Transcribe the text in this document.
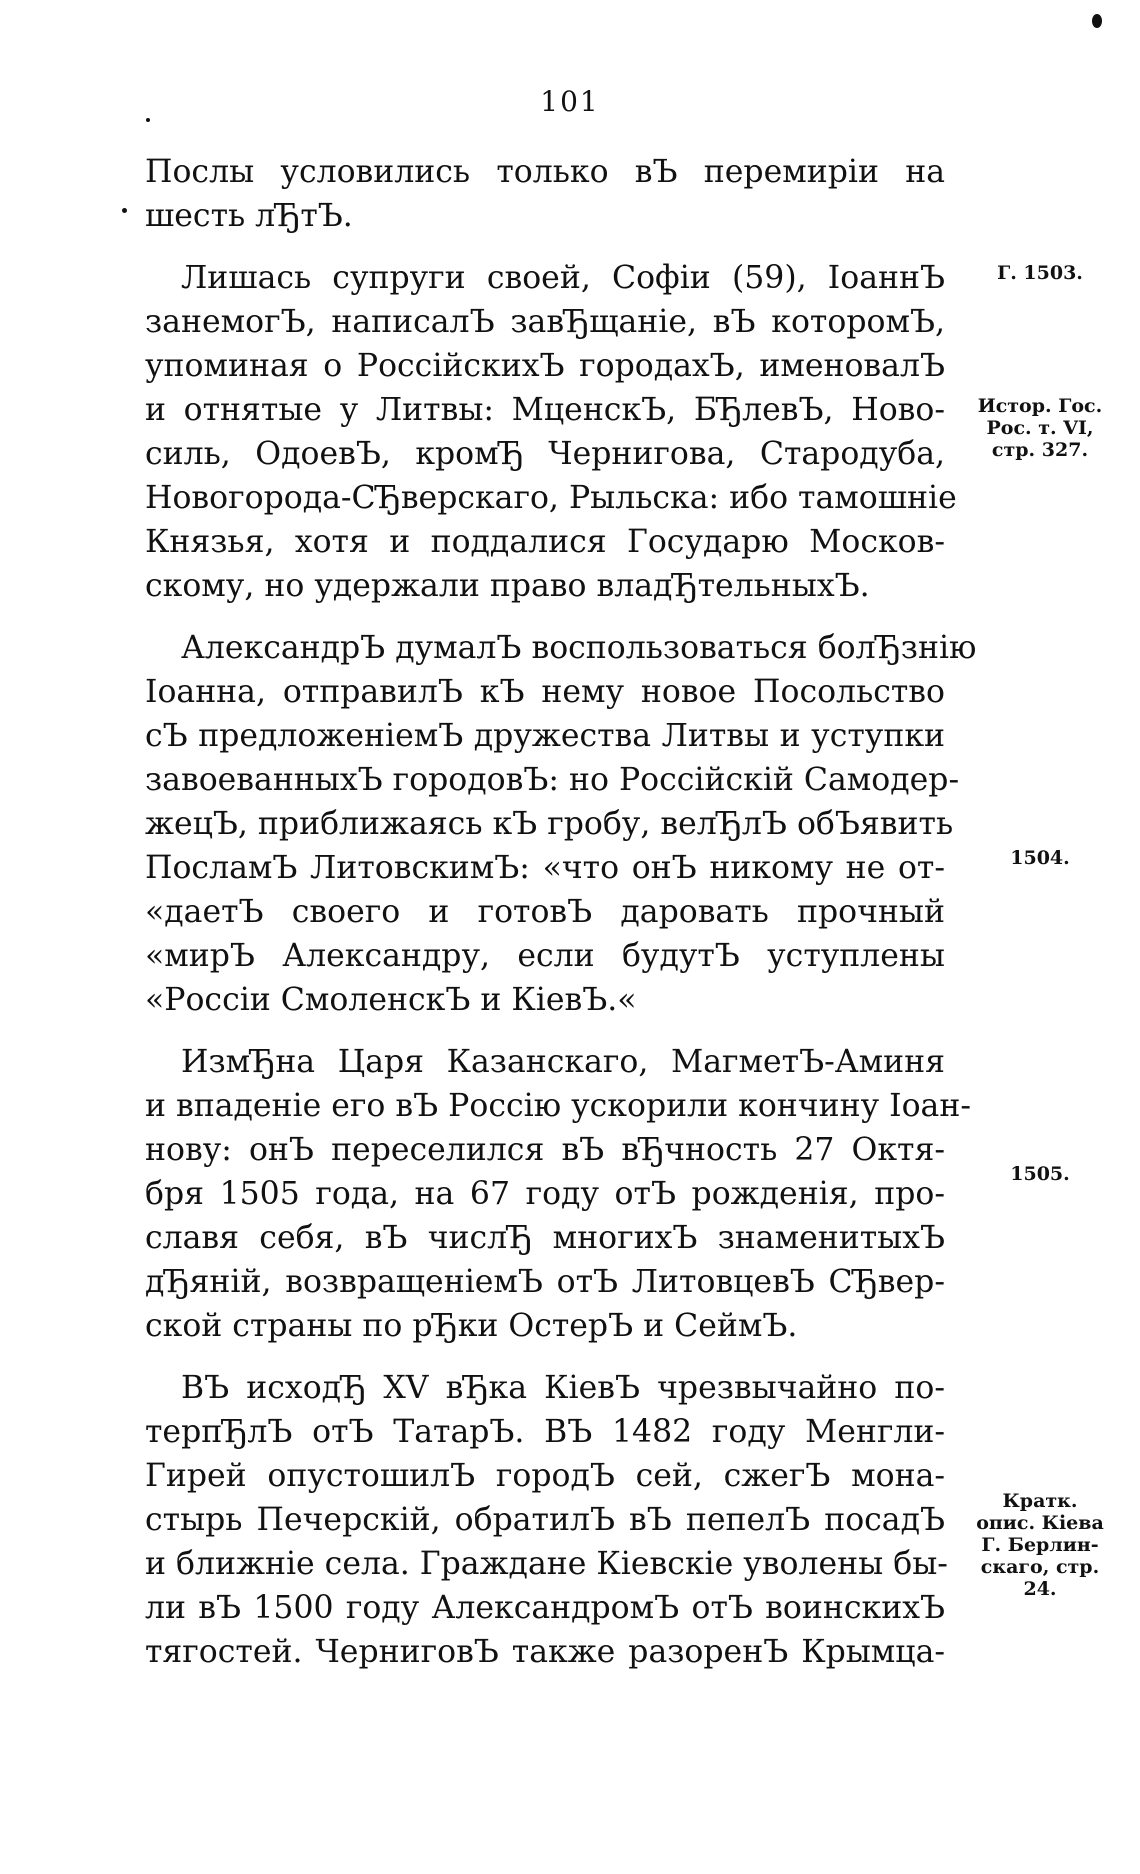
101

Послы условились только вЪ перемиріи на
шесть лЂтЪ.

Лишась супруги своей, Софіи (59), ІоаннЪ
занемогЪ, написалЪ завЂщаніе, вЪ которомЪ,
упоминая о РоссійскихЪ городахЪ, именовалЪ
и отнятые у Литвы: МценскЪ, БЂлевЪ, Ново-
силь, ОдоевЪ, кромЂ Чернигова, Стародуба,
Новогорода-СЂверскаго, Рыльска: ибо тамошніе
Князья, хотя и поддалися Государю Москов-
скому, но удержали право владЂтельныхЪ.

АлександрЪ думалЪ воспользоваться болЂзнію
Іоанна, отправилЪ кЪ нему новое Посольство
сЪ предложеніемЪ дружества Литвы и уступки
завоеванныхЪ городовЪ: но Россійскій Самодер-
жецЪ, приближаясь кЪ гробу, велЂлЪ обЪявить
ПосламЪ ЛитовскимЪ: «что онЪ никому не от-
«даетЪ своего и готовЪ даровать прочный
«мирЪ Александру, если будутЪ уступлены
«Россіи СмоленскЪ и КіевЪ.«

ИзмЂна Царя Казанскаго, МагметЪ-Аминя
и впаденіе его вЪ Россію ускорили кончину Іоан-
нову: онЪ переселился вЪ вЂчность 27 Октя-
бря 1505 года, на 67 году отЪ рожденія, про-
славя себя, вЪ числЂ многихЪ знаменитыхЪ
дЂяній, возвращеніемЪ отЪ ЛитовцевЪ СЂвер-
ской страны по рЂки ОстерЪ и СеймЪ.

ВЪ исходЂ XV вЂка КіевЪ чрезвычайно по-
терпЂлЪ отЪ ТатарЪ. ВЪ 1482 году Менгли-
Гирей опустошилЪ городЪ сей, сжегЪ мона-
стырь Печерскій, обратилЪ вЪ пепелЪ посадЪ
и ближніе села. Граждане Кіевскіе уволены бы-
ли вЪ 1500 году АлександромЪ отЪ воинскихЪ
тягостей. ЧерниговЪ также разоренЪ Крымца-

Г. 1503.
Истор. Гос.
Рос. т. VI,
стр. 327.
1504.
1505.
Кратк.
опис. Кіева
Г. Берлин-
скаго, стр.
24.
